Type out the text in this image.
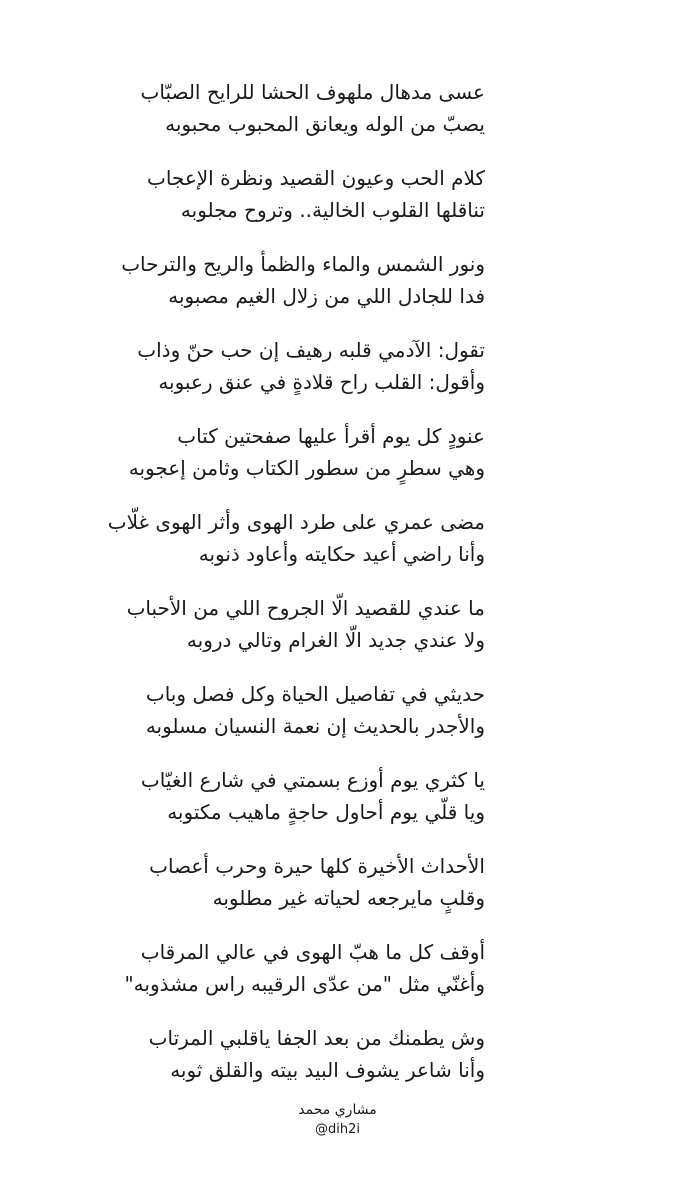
عسى مدهال ملهوف الحشا للرايح الصبّاب
يصبّ من الوله ويعانق المحبوب محبوبه
كلام الحب وعيون القصيد ونظرة الإعجاب
تناقلها القلوب الخالية.. وتروح مجلوبه
ونور الشمس والماء والظمأ والريح والترحاب
فدا للجادل اللي من زلال الغيم مصبوبه
تقول: الآدمي قلبه رهيف إن حب حنّ وذاب
وأقول: القلب راح قلادةٍ في عنق رعبوبه
عنودٍ كل يوم أقرأ عليها صفحتين كتاب
وهي سطرٍ من سطور الكتاب وثامن إعجوبه
مضى عمري على طرد الهوى وأثر الهوى غلّاب
وأنا راضي أعيد حكايته وأعاود ذنوبه
ما عندي للقصيد الّا الجروح اللي من الأحباب
ولا عندي جديد الّا الغرام وتالي دروبه
حديثي في تفاصيل الحياة وكل فصل وباب
والأجدر بالحديث إن نعمة النسيان مسلوبه
يا كثري يوم أوزع بسمتي في شارع الغيّاب
ويا قلّي يوم أحاول حاجةٍ ماهيب مكتوبه
الأحداث الأخيرة كلها حيرة وحرب أعصاب
وقلبٍ مايرجعه لحياته غير مطلوبه
أوقف كل ما هبّ الهوى في عالي المرقاب
وأغنّي مثل "من عدّى الرقيبه راس مشذوبه"
وش يطمنك من بعد الجفا ياقلبي المرتاب
وأنا شاعر يشوف البيد بيته والقلق ثوبه
مشاري محمد
@dih2i
